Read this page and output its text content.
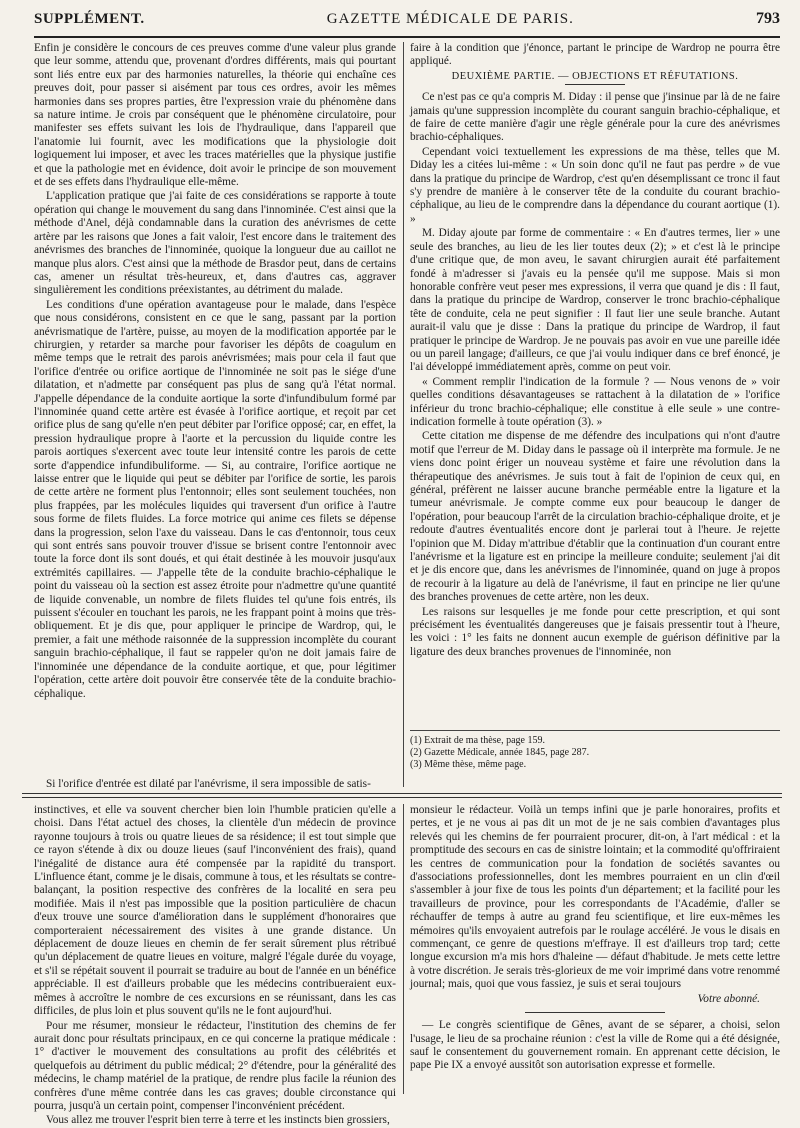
SUPPLÉMENT.	GAZETTE MÉDICALE DE PARIS.	793

Enfin je considère le concours de ces preuves comme d'une valeur plus grande que leur somme, attendu que, provenant d'ordres différents, mais qui pourtant sont liés entre eux par des harmonies naturelles, la théorie qui enchaîne ces preuves doit, pour passer si aisément par tous ces ordres, avoir les mêmes harmonies dans ses propres parties, être l'expression vraie du phénomène dans sa nature intime. Je crois par conséquent que le phénomène circulatoire, pour manifester ses effets suivant les lois de l'hydraulique, dans l'appareil que l'anatomie lui fournit, avec les modifications que la physiologie doit logiquement lui imposer, et avec les traces matérielles que la physique justifie et que la pathologie met en évidence, doit avoir le principe de son mouvement et de ses effets dans l'hydraulique elle-même.

L'application pratique que j'ai faite de ces considérations se rapporte à toute opération qui change le mouvement du sang dans l'innominée. C'est ainsi que la méthode d'Anel, déjà condamnable dans la curation des anévrismes de cette artère par les raisons que Jones a fait valoir, l'est encore dans le traitement des anévrismes des branches de l'innominée, quoique la longueur due au caillot ne manque plus alors. C'est ainsi que la méthode de Brasdor peut, dans de certains cas, amener un résultat très-heureux, et, dans d'autres cas, aggraver singulièrement les conditions préexistantes, au détriment du malade.

Les conditions d'une opération avantageuse pour le malade, dans l'espèce que nous considérons, consistent en ce que le sang, passant par la portion anévrismatique de l'artère, puisse, au moyen de la modification apportée par le chirurgien, y retarder sa marche pour favoriser les dépôts de coagulum en même temps que le retrait des parois anévrismées; mais pour cela il faut que l'orifice d'entrée ou orifice aortique de l'innominée ne soit pas le siége d'une dilatation, et n'admette par conséquent pas plus de sang qu'à l'état normal. J'appelle dépendance de la conduite aortique la sorte d'infundibulum formé par l'innominée quand cette artère est évasée à l'orifice aortique, et reçoit par cet orifice plus de sang qu'elle n'en peut débiter par l'orifice opposé; car, en effet, la pression hydraulique propre à l'aorte et la percussion du liquide contre les parois aortiques s'exercent avec toute leur intensité contre les parois de cette sorte d'appendice infundibuliforme. — Si, au contraire, l'orifice aortique ne laisse entrer que le liquide qui peut se débiter par l'orifice de sortie, les parois de cette artère ne forment plus l'entonnoir; elles sont seulement touchées, non plus frappées, par les molécules liquides qui traversent d'un orifice à l'autre sous forme de filets fluides. La force motrice qui anime ces filets se dépense dans la progression, selon l'axe du vaisseau. Dans le cas d'entonnoir, tous ceux qui sont entrés sans pouvoir trouver d'issue se brisent contre l'entonnoir avec toute la force dont ils sont doués, et qui était destinée à les mouvoir jusqu'aux extrémités capillaires. — J'appelle tête de la conduite brachio-céphalique le point du vaisseau où la section est assez étroite pour n'admettre qu'une quantité de liquide convenable, un nombre de filets fluides tel qu'une fois entrés, ils puissent s'écouler en touchant les parois, ne les frappant point à moins que très-obliquement. Et je dis que, pour appliquer le principe de Wardrop, qui, le premier, a fait une méthode raisonnée de la suppression incomplète du courant sanguin brachio-céphalique, il faut se rappeler qu'on ne doit jamais faire de l'innominée une dépendance de la conduite aortique, et que, pour légitimer l'opération, cette artère doit pouvoir être conservée tête de la conduite brachio-céphalique.

Si l'orifice d'entrée est dilaté par l'anévrisme, il sera impossible de satis-

faire à la condition que j'énonce, partant le principe de Wardrop ne pourra être appliqué.

DEUXIÈME PARTIE. — OBJECTIONS ET RÉFUTATIONS.

Ce n'est pas ce qu'a compris M. Diday : il pense que j'insinue par là de ne faire jamais qu'une suppression incomplète du courant sanguin brachio-céphalique, et de faire de cette manière d'agir une règle générale pour la cure des anévrismes brachio-céphaliques.

Cependant voici textuellement les expressions de ma thèse, telles que M. Diday les a citées lui-même : « Un soin donc qu'il ne faut pas perdre » de vue dans la pratique du principe de Wardrop, c'est qu'en désemplissant ce tronc il faut s'y prendre de manière à le conserver tête de la conduite du courant brachio-céphalique, au lieu de le comprendre dans la dépendance du courant aortique (1). »

M. Diday ajoute par forme de commentaire : « En d'autres termes, lier » une seule des branches, au lieu de les lier toutes deux (2); » et c'est là le principe d'une critique que, de mon aveu, le savant chirurgien aurait été parfaitement fondé à m'adresser si j'avais eu la pensée qu'il me suppose. Mais si mon honorable confrère veut peser mes expressions, il verra que quand je dis : Il faut, dans la pratique du principe de Wardrop, conserver le tronc brachio-céphalique tête de conduite, cela ne peut signifier : Il faut lier une seule branche. Autant aurait-il valu que je disse : Dans la pratique du principe de Wardrop, il faut pratiquer le principe de Wardrop. Je ne pouvais pas avoir en vue une pareille idée ou un pareil langage; d'ailleurs, ce que j'ai voulu indiquer dans ce bref énoncé, je l'ai développé immédiatement après, comme on peut voir.

« Comment remplir l'indication de la formule ? — Nous venons de » voir quelles conditions désavantageuses se rattachent à la dilatation de » l'orifice inférieur du tronc brachio-céphalique; elle constitue à elle seule » une contre-indication formelle à toute opération (3). »

Cette citation me dispense de me défendre des inculpations qui n'ont d'autre motif que l'erreur de M. Diday dans le passage où il interprète ma formule. Je ne viens donc point ériger un nouveau système et faire une révolution dans la thérapeutique des anévrismes. Je suis tout à fait de l'opinion de ceux qui, en général, préfèrent ne laisser aucune branche perméable entre la ligature et la tumeur anévrismale. Je compte comme eux pour beaucoup le danger de l'opération, pour beaucoup l'arrêt de la circulation brachio-céphalique droite, et je redoute d'autres éventualités encore dont je parlerai tout à l'heure. Je rejette l'opinion que M. Diday m'attribue d'établir que la continuation d'un courant entre l'anévrisme et la ligature est en principe la meilleure conduite; seulement j'ai dit et je dis encore que, dans les anévrismes de l'innominée, quand on juge à propos de recourir à la ligature au delà de l'anévrisme, il faut en principe ne lier qu'une des branches provenues de cette artère, non les deux.

Les raisons sur lesquelles je me fonde pour cette prescription, et qui sont précisément les éventualités dangereuses que je faisais pressentir tout à l'heure, les voici : 1° les faits ne donnent aucun exemple de guérison définitive par la ligature des deux branches provenues de l'innominée, non

(1) Extrait de ma thèse, page 159.
(2) Gazette Médicale, année 1845, page 287.
(3) Même thèse, même page.

instinctives, et elle va souvent chercher bien loin l'humble praticien qu'elle a choisi. Dans l'état actuel des choses, la clientèle d'un médecin de province rayonne toujours à trois ou quatre lieues de sa résidence; il est tout simple que ce rayon s'étende à dix ou douze lieues (sauf l'inconvénient des frais), quand l'inégalité de distance aura été compensée par la rapidité du transport. L'influence étant, comme je le disais, commune à tous, et les résultats se contre-balançant, la position respective des confrères de la localité en sera peu modifiée. Mais il n'est pas impossible que la position particulière de chacun d'eux trouve une source d'amélioration dans le supplément d'honoraires que comporteraient nécessairement des visites à une grande distance. Un déplacement de douze lieues en chemin de fer serait sûrement plus rétribué qu'un déplacement de quatre lieues en voiture, malgré l'égale durée du voyage, et s'il se répétait souvent il pourrait se traduire au bout de l'année en un bénéfice appréciable. Il est d'ailleurs probable que les médecins contribueraient eux-mêmes à accroître le nombre de ces excursions en se réunissant, dans les cas difficiles, de plus loin et plus souvent qu'ils ne le font aujourd'hui.

Pour me résumer, monsieur le rédacteur, l'institution des chemins de fer aurait donc pour résultats principaux, en ce qui concerne la pratique médicale : 1° d'activer le mouvement des consultations au profit des célébrités et quelquefois au détriment du public médical; 2° d'étendre, pour la généralité des médecins, le champ matériel de la pratique, de rendre plus facile la réunion des confrères d'une même contrée dans les cas graves; double circonstance qui pourra, jusqu'à un certain point, compenser l'inconvénient précédent.

Vous allez me trouver l'esprit bien terre à terre et les instincts bien grossiers,

monsieur le rédacteur. Voilà un temps infini que je parle honoraires, profits et pertes, et je ne vous ai pas dit un mot de je ne sais combien d'avantages plus relevés qui les chemins de fer pourraient procurer, dit-on, à l'art médical : et la promptitude des secours en cas de sinistre lointain; et la commodité qu'offriraient les centres de communication pour la fondation de sociétés savantes ou d'associations professionnelles, dont les membres pourraient en un clin d'œil s'assembler à jour fixe de tous les points d'un département; et la facilité pour les travailleurs de province, pour les correspondants de l'Académie, d'aller se réchauffer de temps à autre au grand feu scientifique, et lire eux-mêmes les mémoires qu'ils envoyaient autrefois par le roulage accéléré. Je vous le disais en commençant, ce genre de questions m'effraye. Il est d'ailleurs trop tard; cette longue excursion m'a mis hors d'haleine — défaut d'habitude. Je mets cette lettre à votre discrétion. Je serais très-glorieux de me voir imprimé dans votre renommé journal; mais, quoi que vous fassiez, je suis et serai toujours

Votre abonné.

— Le congrès scientifique de Gênes, avant de se séparer, a choisi, selon l'usage, le lieu de sa prochaine réunion : c'est la ville de Rome qui a été désignée, sauf le consentement du gouvernement romain. En apprenant cette décision, le pape Pie IX a envoyé aussitôt son autorisation expresse et formelle.
